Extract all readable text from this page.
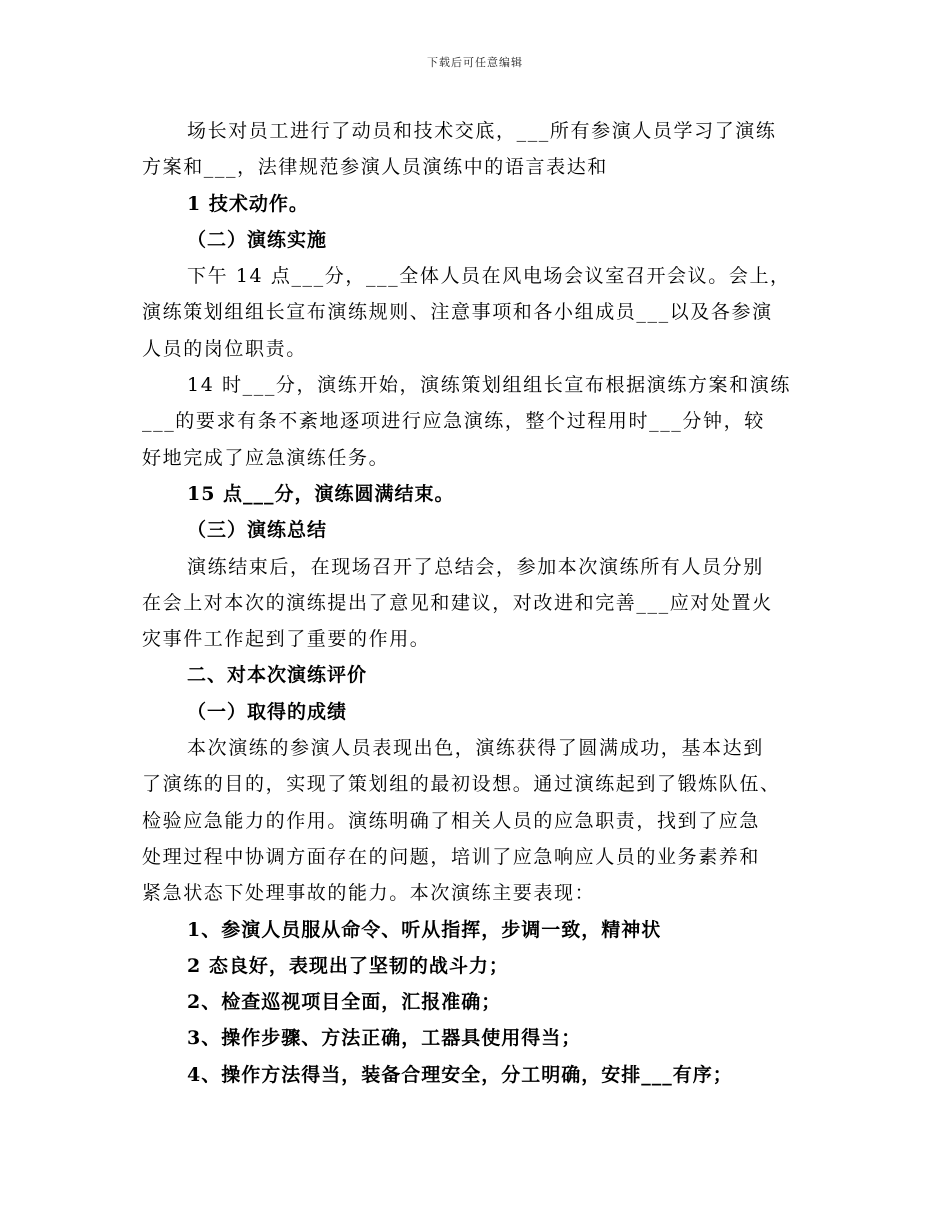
下载后可任意编辑
场长对员工进行了动员和技术交底，___所有参演人员学习了演练
方案和___，法律规范参演人员演练中的语言表达和
1 技术动作。
（二）演练实施
下午 14 点___分，___全体人员在风电场会议室召开会议。会上，
演练策划组组长宣布演练规则、注意事项和各小组成员___以及各参演
人员的岗位职责。
14 时___分，演练开始，演练策划组组长宣布根据演练方案和演练
___的要求有条不紊地逐项进行应急演练，整个过程用时___分钟，较
好地完成了应急演练任务。
15 点___分，演练圆满结束。
（三）演练总结
演练结束后，在现场召开了总结会，参加本次演练所有人员分别
在会上对本次的演练提出了意见和建议，对改进和完善___应对处置火
灾事件工作起到了重要的作用。
二、对本次演练评价
（一）取得的成绩
本次演练的参演人员表现出色，演练获得了圆满成功，基本达到
了演练的目的，实现了策划组的最初设想。通过演练起到了锻炼队伍、
检验应急能力的作用。演练明确了相关人员的应急职责，找到了应急
处理过程中协调方面存在的问题，培训了应急响应人员的业务素养和
紧急状态下处理事故的能力。本次演练主要表现：
1、参演人员服从命令、听从指挥，步调一致，精神状
2 态良好，表现出了坚韧的战斗力；
2、检查巡视项目全面，汇报准确；
3、操作步骤、方法正确，工器具使用得当；
4、操作方法得当，装备合理安全，分工明确，安排___有序；
